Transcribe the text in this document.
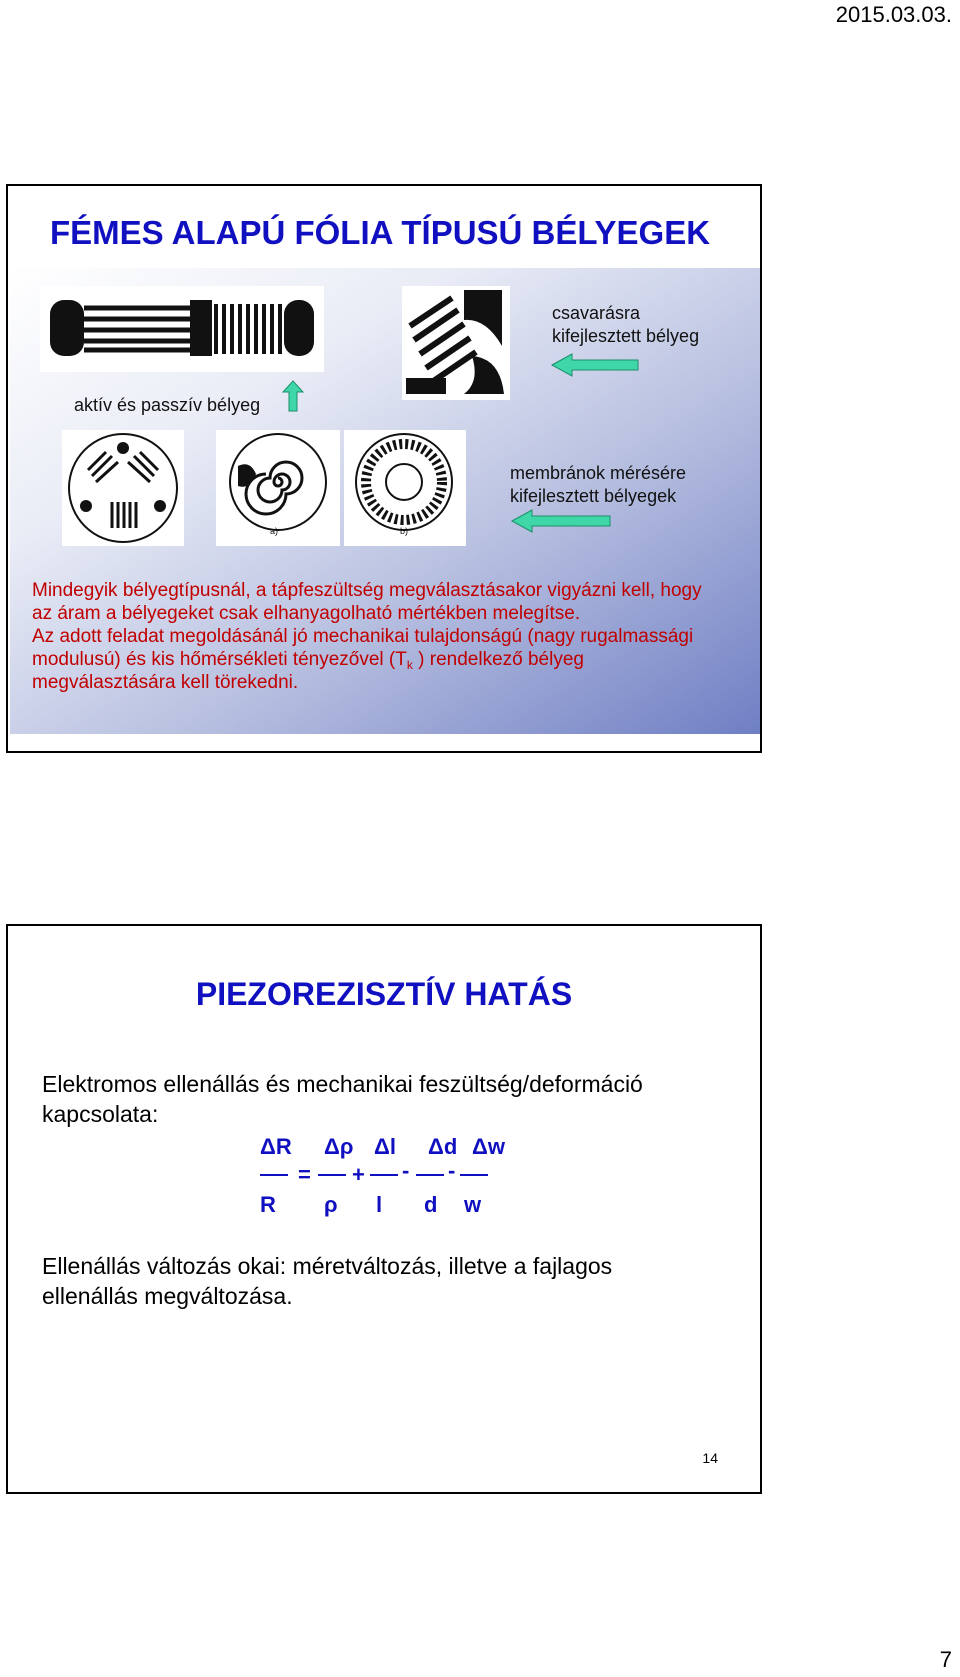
2015.03.03.
FÉMES ALAPÚ FÓLIA TÍPUSÚ BÉLYEGEK
a)	b)
csavarásra
kifejlesztett bélyeg
aktív és passzív bélyeg
membránok mérésére
kifejlesztett bélyegek
Mindegyik bélyegtípusnál, a tápfeszültség megválasztásakor vigyázni kell, hogy
az áram a bélyegeket csak elhanyagolható mértékben melegítse.
Az adott feladat megoldásánál jó mechanikai tulajdonságú (nagy rugalmassági
modulusú) és kis hőmérsékleti tényezővel ($T_k$ ) rendelkező bélyeg
megválasztására kell törekedni.
PIEZOREZISZTÍV HATÁS
Elektromos ellenállás és mechanikai feszültség/deformáció
kapcsolata:
ΔR Δρ Δl Δd Δw
= + - -
R ρ l d w
Ellenállás változás okai: méretváltozás, illetve a fajlagos
ellenállás megváltozása.
14
7
